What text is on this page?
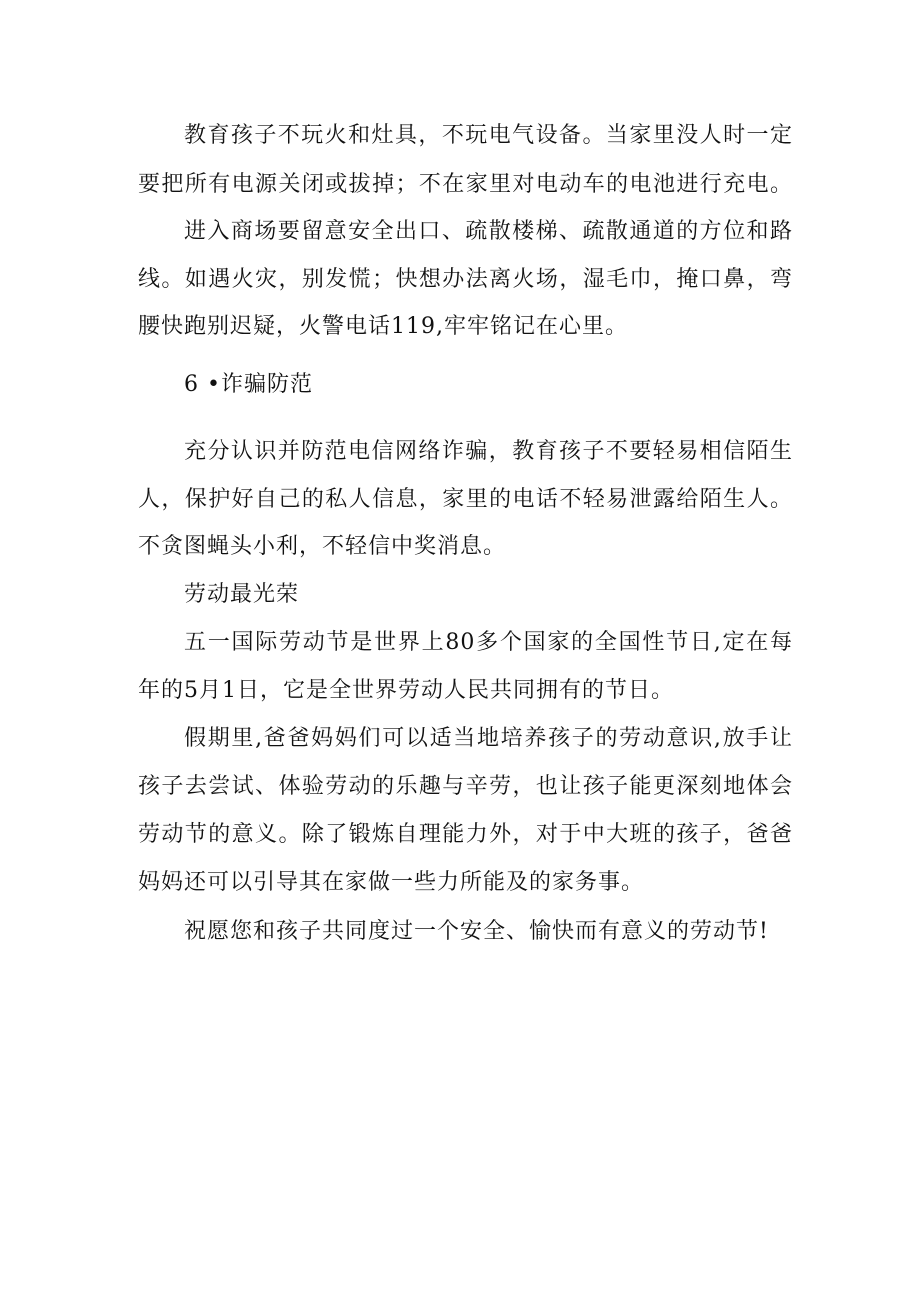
教育孩子不玩火和灶具，不玩电气设备。当家里没人时一定
要把所有电源关闭或拔掉；不在家里对电动车的电池进行充电。
进入商场要留意安全出口、疏散楼梯、疏散通道的方位和路
线。如遇火灾，别发慌；快想办法离火场，湿毛巾，掩口鼻，弯
腰快跑别迟疑，火警电话119,牢牢铭记在心里。
6 •诈骗防范
充分认识并防范电信网络诈骗，教育孩子不要轻易相信陌生
人，保护好自己的私人信息，家里的电话不轻易泄露给陌生人。
不贪图蝇头小利，不轻信中奖消息。
劳动最光荣
五一国际劳动节是世界上80多个国家的全国性节日,定在每
年的5月1日，它是全世界劳动人民共同拥有的节日。
假期里,爸爸妈妈们可以适当地培养孩子的劳动意识,放手让
孩子去尝试、体验劳动的乐趣与辛劳，也让孩子能更深刻地体会
劳动节的意义。除了锻炼自理能力外，对于中大班的孩子，爸爸
妈妈还可以引导其在家做一些力所能及的家务事。
祝愿您和孩子共同度过一个安全、愉快而有意义的劳动节!
